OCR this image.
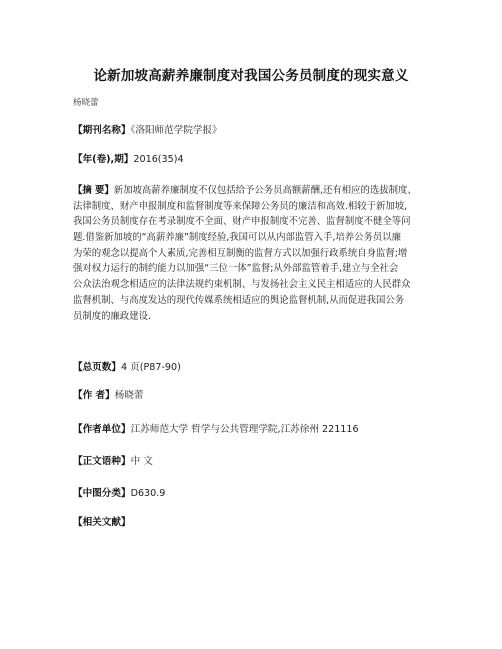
论新加坡高薪养廉制度对我国公务员制度的现实意义
杨晓蕾
【期刊名称】《洛阳师范学院学报》
【年(卷),期】2016(35)4
【摘 要】新加坡高薪养廉制度不仅包括给予公务员高额薪酬,还有相应的选拔制度、
法律制度、财产申报制度和监督制度等来保障公务员的廉洁和高效.相较于新加坡,
我国公务员制度存在考录制度不全面、财产申报制度不完善、监督制度不健全等问
题.借鉴新加坡的“高薪养廉”制度经验,我国可以从内部监管入手,培养公务员以廉
为荣的观念以提高个人素质,完善相互制衡的监督方式以加强行政系统自身监督;增
强对权力运行的制约能力以加强“三位一体”监督;从外部监管着手,建立与全社会
公众法治观念相适应的法律法规约束机制、与发扬社会主义民主相适应的人民群众
监督机制、与高度发达的现代传媒系统相适应的舆论监督机制,从而促进我国公务
员制度的廉政建设.
【总页数】4 页(P87-90)
【作 者】杨晓蕾
【作者单位】江苏师范大学 哲学与公共管理学院,江苏徐州 221116
【正文语种】中 文
【中图分类】D630.9
【相关文献】
